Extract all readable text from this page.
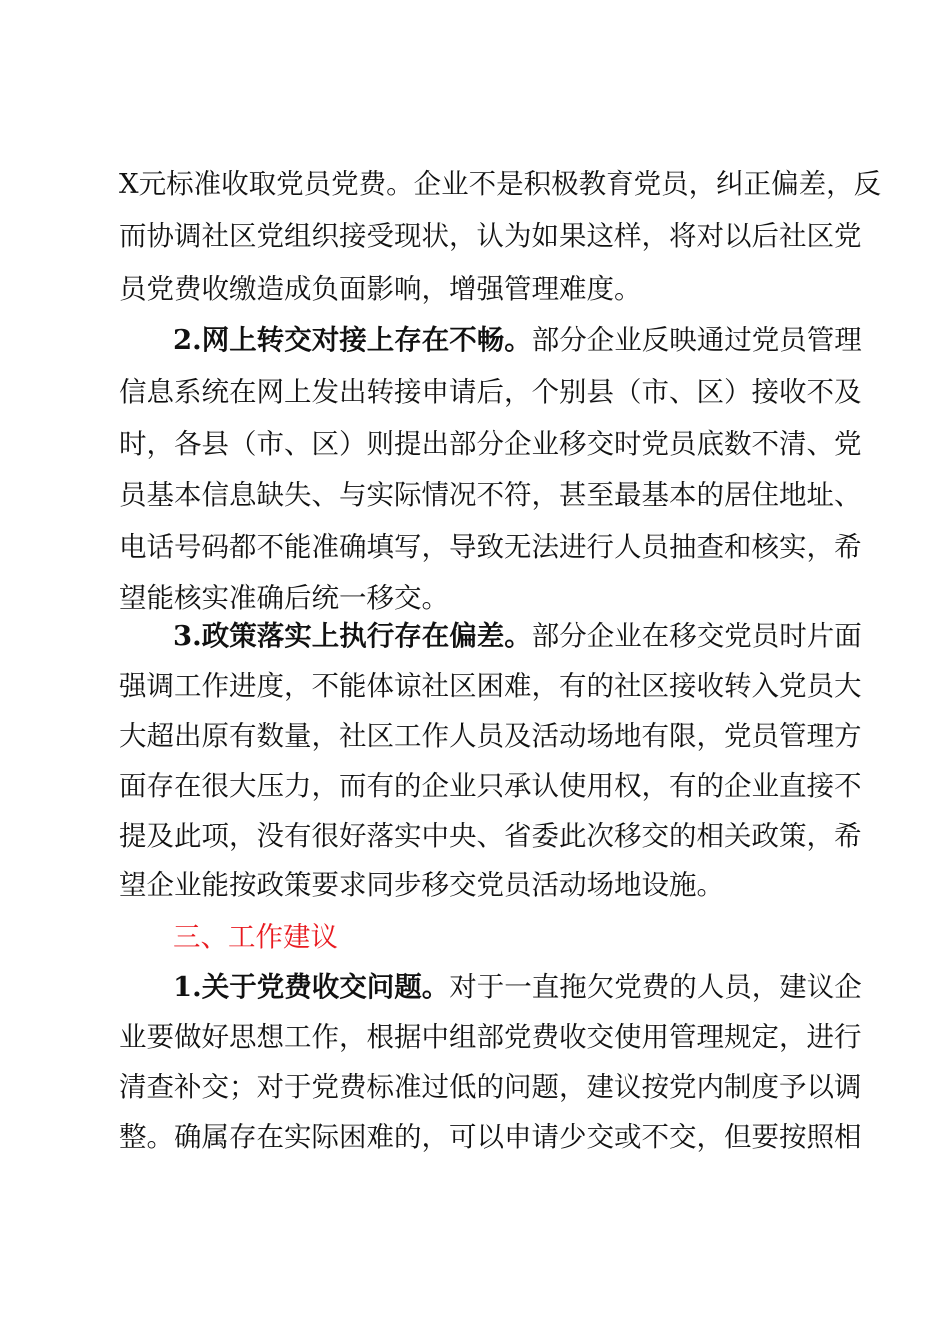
X元标准收取党员党费。企业不是积极教育党员，纠正偏差，反
而协调社区党组织接受现状，认为如果这样，将对以后社区党
员党费收缴造成负面影响，增强管理难度。
2.网上转交对接上存在不畅。部分企业反映通过党员管理
信息系统在网上发出转接申请后，个别县（市、区）接收不及
时，各县（市、区）则提出部分企业移交时党员底数不清、党
员基本信息缺失、与实际情况不符，甚至最基本的居住地址、
电话号码都不能准确填写，导致无法进行人员抽查和核实，希
望能核实准确后统一移交。
3.政策落实上执行存在偏差。部分企业在移交党员时片面
强调工作进度，不能体谅社区困难，有的社区接收转入党员大
大超出原有数量，社区工作人员及活动场地有限，党员管理方
面存在很大压力，而有的企业只承认使用权，有的企业直接不
提及此项，没有很好落实中央、省委此次移交的相关政策，希
望企业能按政策要求同步移交党员活动场地设施。
三、工作建议
1.关于党费收交问题。对于一直拖欠党费的人员，建议企
业要做好思想工作，根据中组部党费收交使用管理规定，进行
清查补交；对于党费标准过低的问题，建议按党内制度予以调
整。确属存在实际困难的，可以申请少交或不交，但要按照相
